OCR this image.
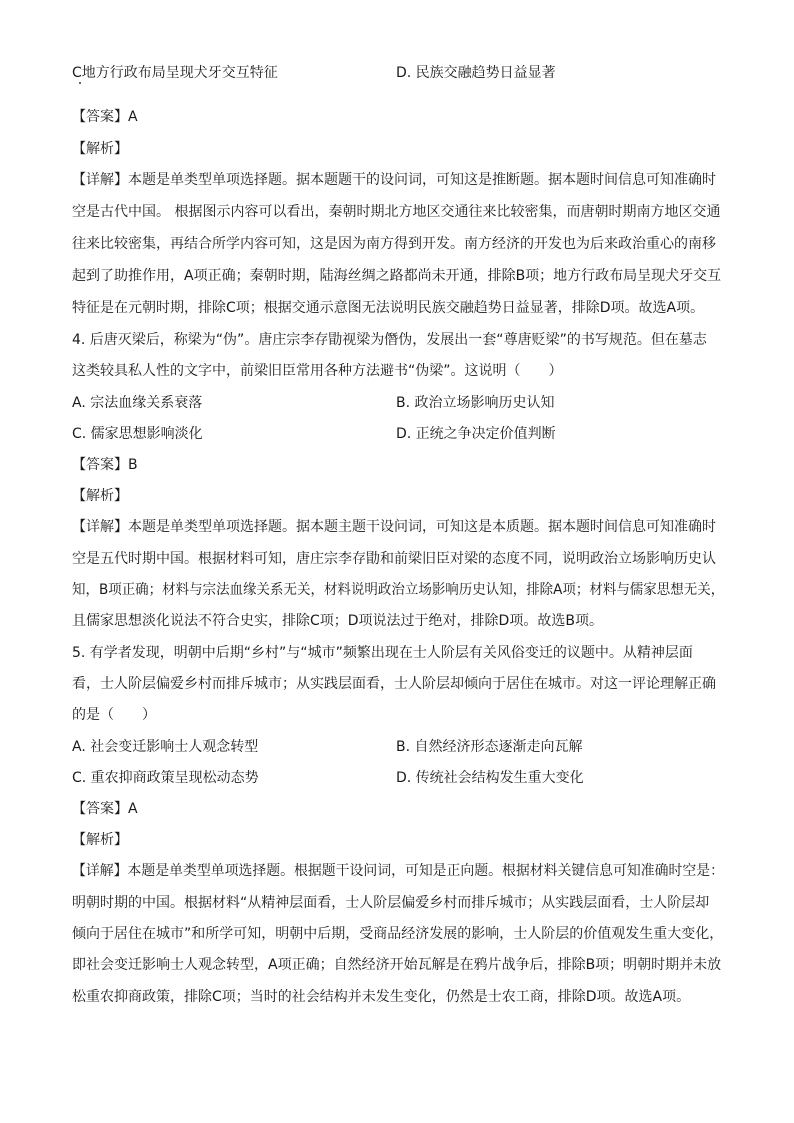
C地方行政布局呈现犬牙交互特征	D. 民族交融趋势日益显著
【答案】A
【解析】
【详解】本题是单类型单项选择题。据本题题干的设问词，可知这是推断题。据本题时间信息可知准确时
空是古代中国。 根据图示内容可以看出，秦朝时期北方地区交通往来比较密集，而唐朝时期南方地区交通
往来比较密集，再结合所学内容可知，这是因为南方得到开发。南方经济的开发也为后来政治重心的南移
起到了助推作用，A项正确；秦朝时期，陆海丝绸之路都尚未开通，排除B项；地方行政布局呈现犬牙交互
特征是在元朝时期，排除C项；根据交通示意图无法说明民族交融趋势日益显著，排除D项。故选A项。
4. 后唐灭梁后，称梁为“伪”。唐庄宗李存勖视梁为僭伪，发展出一套“尊唐贬梁”的书写规范。但在墓志
这类较具私人性的文字中，前梁旧臣常用各种方法避书“伪梁”。这说明（　　）
A. 宗法血缘关系衰落	B. 政治立场影响历史认知
C. 儒家思想影响淡化	D. 正统之争决定价值判断
【答案】B
【解析】
【详解】本题是单类型单项选择题。据本题主题干设问词，可知这是本质题。据本题时间信息可知准确时
空是五代时期中国。根据材料可知，唐庄宗李存勖和前梁旧臣对梁的态度不同，说明政治立场影响历史认
知，B项正确；材料与宗法血缘关系无关，材料说明政治立场影响历史认知，排除A项；材料与儒家思想无关，
且儒家思想淡化说法不符合史实，排除C项；D项说法过于绝对，排除D项。故选B项。
5. 有学者发现，明朝中后期“乡村”与“城市”频繁出现在士人阶层有关风俗变迁的议题中。从精神层面
看，士人阶层偏爱乡村而排斥城市；从实践层面看，士人阶层却倾向于居住在城市。对这一评论理解正确
的是（　　）
A. 社会变迁影响士人观念转型	B. 自然经济形态逐渐走向瓦解
C. 重农抑商政策呈现松动态势	D. 传统社会结构发生重大变化
【答案】A
【解析】
【详解】本题是单类型单项选择题。根据题干设问词，可知是正向题。根据材料关键信息可知准确时空是：
明朝时期的中国。根据材料“从精神层面看，士人阶层偏爱乡村而排斥城市；从实践层面看，士人阶层却
倾向于居住在城市”和所学可知，明朝中后期，受商品经济发展的影响，士人阶层的价值观发生重大变化，
即社会变迁影响士人观念转型，A项正确；自然经济开始瓦解是在鸦片战争后，排除B项；明朝时期并未放
松重农抑商政策，排除C项；当时的社会结构并未发生变化，仍然是士农工商，排除D项。故选A项。
